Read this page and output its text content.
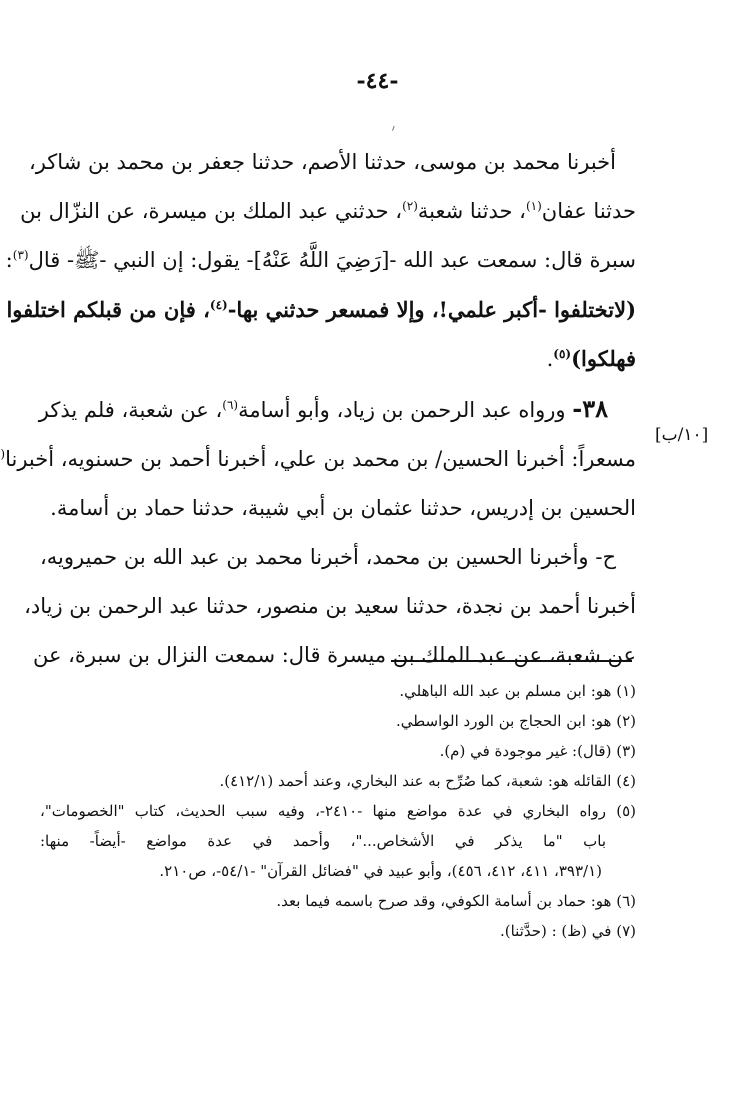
-٤٤-
أخبرنا محمد بن موسى، حدثنا الأصم، حدثنا جعفر بن محمد بن شاكر،
حدثنا عفان$^{(١)}$، حدثنا شعبة$^{(٢)}$، حدثني عبد الملك بن ميسرة، عن النزّال بن
سبرة قال: سمعت عبد الله -[رَضِيَ اللَّهُ عَنْهُ]- يقول: إن النبي -ﷺ- قال$^{(٣)}$:
(لاتختلفوا -أكبر علمي!، وإلا فمسعر حدثني بها-$^{(٤)}$، فإن من قبلكم اختلفوا
فهلكوا)$^{(٥)}$.
٣٨- ورواه عبد الرحمن بن زياد، وأبو أسامة$^{(٦)}$، عن شعبة، فلم يذكر
مسعراً: أخبرنا الحسين/ بن محمد بن علي، أخبرنا أحمد بن حسنويه، أخبرنا(
الحسين بن إدريس، حدثنا عثمان بن أبي شيبة، حدثنا حماد بن أسامة.
ح- وأخبرنا الحسين بن محمد، أخبرنا محمد بن عبد الله بن حميرويه،
أخبرنا أحمد بن نجدة، حدثنا سعيد بن منصور، حدثنا عبد الرحمن بن زياد،
عن شعبة، عن عبد الملك بن ميسرة قال: سمعت النزال بن سبرة، عن
[١٠/ب]
(١) هو: ابن مسلم بن عبد الله الباهلي.
(٢) هو: ابن الحجاج بن الورد الواسطي.
(٣) (قال): غير موجودة في (م).
(٤) القائله هو: شعبة، كما صُرِّح به عند البخاري، وعند أحمد (٤١٢/١).
(٥) رواه البخاري في عدة مواضع منها -٢٤١٠-، وفيه سبب الحديث، كتاب "الخصومات"،
باب "ما يذكر في الأشخاص..."، وأحمد في عدة مواضع -أيضاً- منها:
(٣٩٣/١، ٤١١، ٤١٢، ٤٥٦)، وأبو عبيد في "فضائل القرآن" -٥٤/١-، ص٢١٠.
(٦) هو: حماد بن أسامة الكوفي، وقد صرح باسمه فيما بعد.
(٧) في (ظ) : (حدَّثنا).
